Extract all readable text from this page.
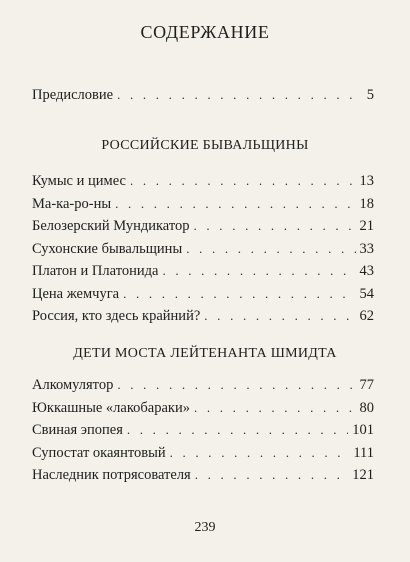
СОДЕРЖАНИЕ
Предисловие . . .	5
РОССИЙСКИЕ БЫВАЛЬЩИНЫ
Кумыс и цимес . . .	13
Ма-ка-ро-ны . . .	18
Белозерский Мундикатор . . .	21
Сухонские бывальщины . . .	33
Платон и Платонида . . .	43
Цена жемчуга . . .	54
Россия, кто здесь крайний? . . .	62
ДЕТИ МОСТА ЛЕЙТЕНАНТА ШМИДТА
Алкомулятор . . .	77
Юккашные «лакобараки» . . .	80
Свиная эпопея . . .	101
Супостат окаянтовый . . .	111
Наследник потрясователя . . .	121
239
